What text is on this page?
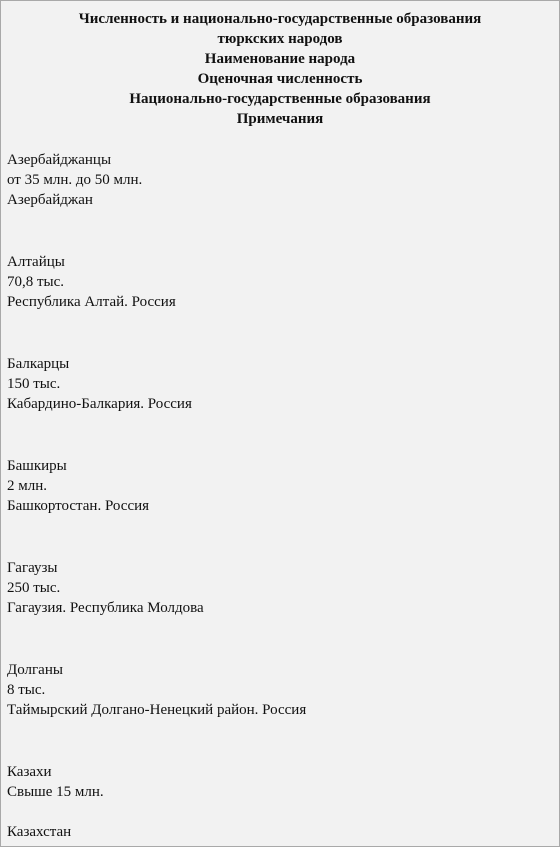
Численность и национально-государственные образования
тюркских народов
Наименование народа
Оценочная численность
Национально-государственные образования
Примечания
Азербайджанцы
от 35 млн. до 50 млн.
Азербайджан
Алтайцы
70,8 тыс.
Республика Алтай. Россия
Балкарцы
150 тыс.
Кабардино-Балкария. Россия
Башкиры
2 млн.
Башкортостан. Россия
Гагаузы
250 тыс.
Гагаузия. Республика Молдова
Долганы
8 тыс.
Таймырский Долгано-Ненецкий район. Россия
Казахи
Свыше 15 млн.
Казахстан
